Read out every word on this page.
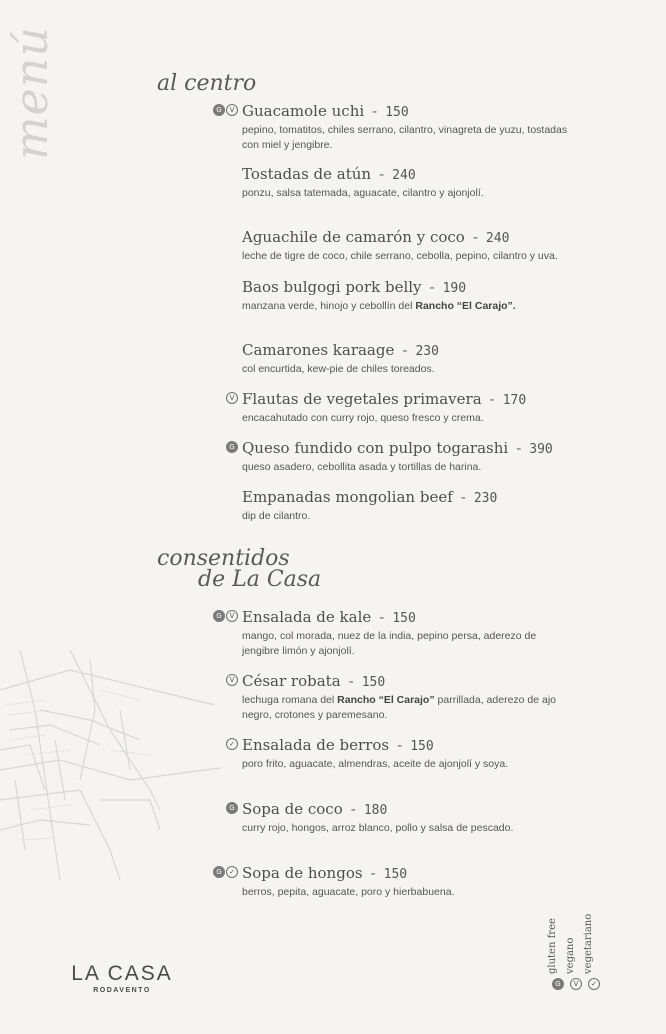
menú	al centro
G	V Guacamole uchi - 150
pepino, tomatitos, chiles serrano, cilantro, vinagreta de yuzu, tostadas con miel y jengibre.
Tostadas de atún - 240
ponzu, salsa tatemada, aguacate, cilantro y ajonjolí.
Aguachile de camarón y coco - 240
leche de tigre de coco, chile serrano, cebolla, pepino, cilantro y uva.
Baos bulgogi pork belly - 190
manzana verde, hinojo y cebollín del Rancho “El Carajo”.
Camarones karaage - 230
col encurtida, kew-pie de chiles toreados.
V Flautas de vegetales primavera - 170
encacahutado con curry rojo, queso fresco y crema.
G Queso fundido con pulpo togarashi - 390
queso asadero, cebollita asada y tortillas de harina.
Empanadas mongolian beef - 230
dip de cilantro.
consentidos
de La Casa
G	V Ensalada de kale - 150
mango, col morada, nuez de la india, pepino persa, aderezo de jengibre limón y ajonjolí.
V César robata - 150
lechuga romana del Rancho “El Carajo” parrillada, aderezo de ajo negro, crotones y paremesano.
✓ Ensalada de berros - 150
poro frito, aguacate, almendras, aceite de ajonjolí y soya.
G Sopa de coco - 180
curry rojo, hongos, arroz blanco, pollo y salsa de pescado.
G	✓ Sopa de hongos - 150
berros, pepita, aguacate, poro y hierbabuena.
LA CASA
RODAVENTO
gluten free
G
vegano
V
vegetariano
✓
